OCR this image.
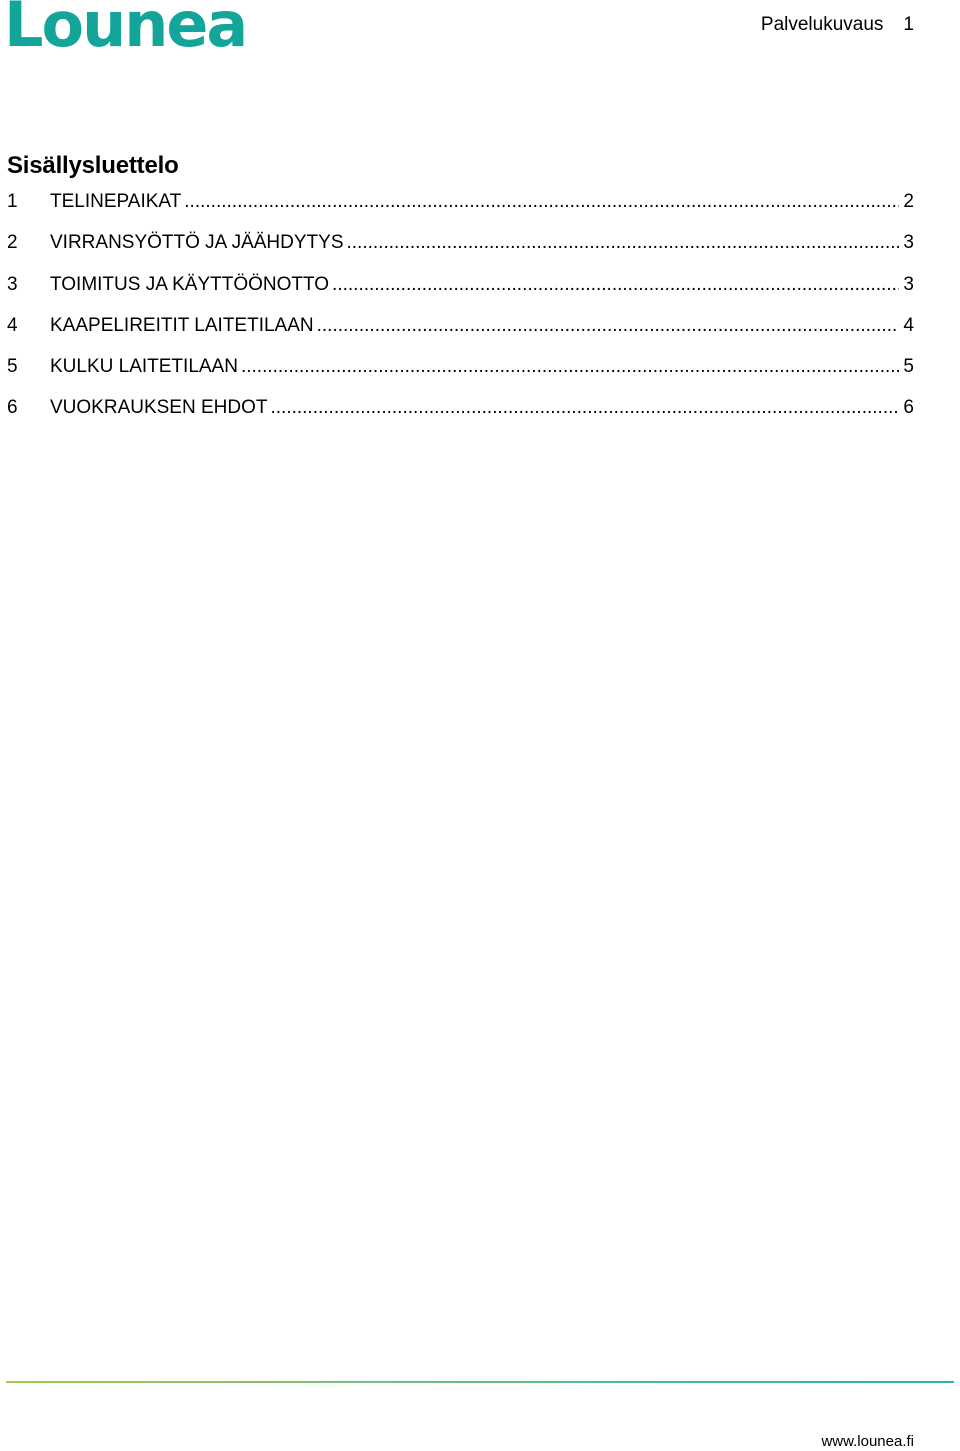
Lounea	Palvelukuvaus 1
Sisällysluettelo
1	TELINEPAIKAT .....	2
2	VIRRANSYÖTTÖ JA JÄÄHDYTYS .....	3
3	TOIMITUS JA KÄYTTÖÖNOTTO .....	3
4	KAAPELIREITIT LAITETILAAN .....	4
5	KULKU LAITETILAAN .....	5
6	VUOKRAUKSEN EHDOT .....	6
www.lounea.fi
